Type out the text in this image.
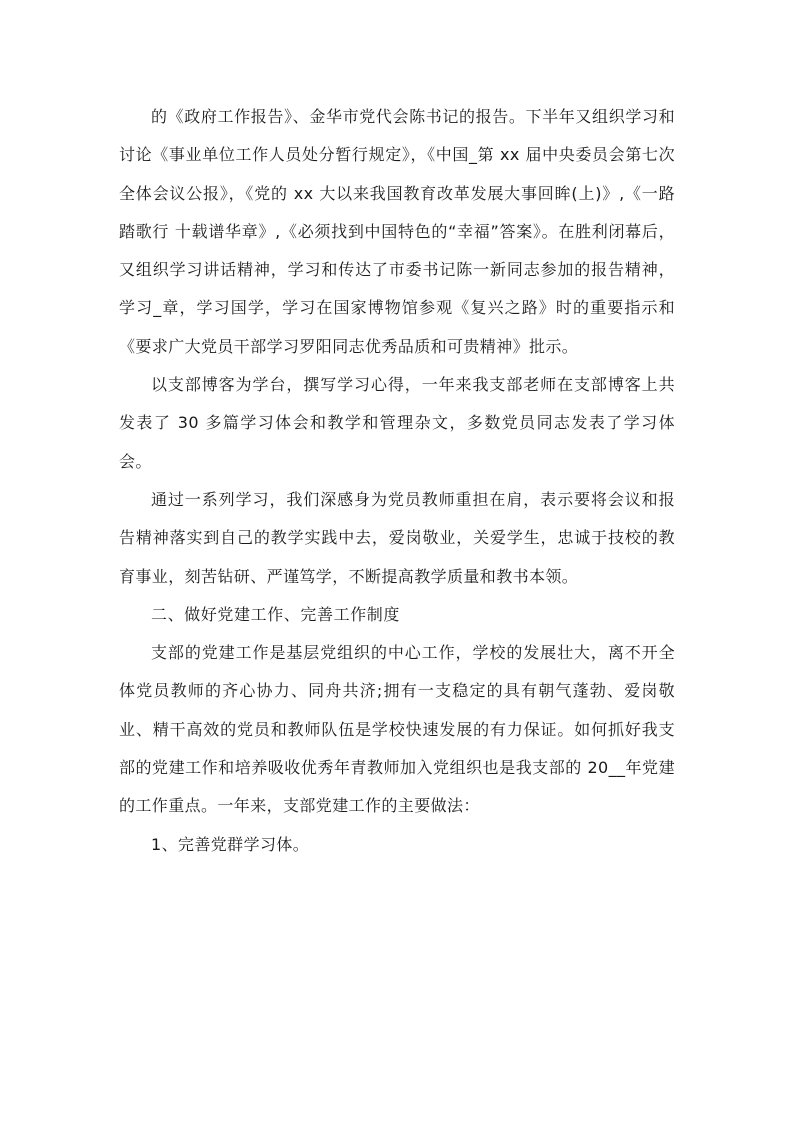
的《政府工作报告》、金华市党代会陈书记的报告。下半年又组织学习和讨论《事业单位工作人员处分暂行规定》，《中国_第 xx 届中央委员会第七次全体会议公报》，《党的 xx 大以来我国教育改革发展大事回眸(上)》,《一路踏歌行 十载谱华章》,《必须找到中国特色的“幸福”答案》。在胜利闭幕后，又组织学习讲话精神，学习和传达了市委书记陈一新同志参加的报告精神，学习_章，学习国学，学习在国家博物馆参观《复兴之路》时的重要指示和《要求广大党员干部学习罗阳同志优秀品质和可贵精神》批示。

以支部博客为学台，撰写学习心得，一年来我支部老师在支部博客上共发表了 30 多篇学习体会和教学和管理杂文，多数党员同志发表了学习体会。

通过一系列学习，我们深感身为党员教师重担在肩，表示要将会议和报告精神落实到自己的教学实践中去，爱岗敬业，关爱学生，忠诚于技校的教育事业，刻苦钻研、严谨笃学，不断提高教学质量和教书本领。

二、做好党建工作、完善工作制度

支部的党建工作是基层党组织的中心工作，学校的发展壮大，离不开全体党员教师的齐心协力、同舟共济;拥有一支稳定的具有朝气蓬勃、爱岗敬业、精干高效的党员和教师队伍是学校快速发展的有力保证。如何抓好我支部的党建工作和培养吸收优秀年青教师加入党组织也是我支部的 20__年党建的工作重点。一年来，支部党建工作的主要做法：

1、完善党群学习体。
